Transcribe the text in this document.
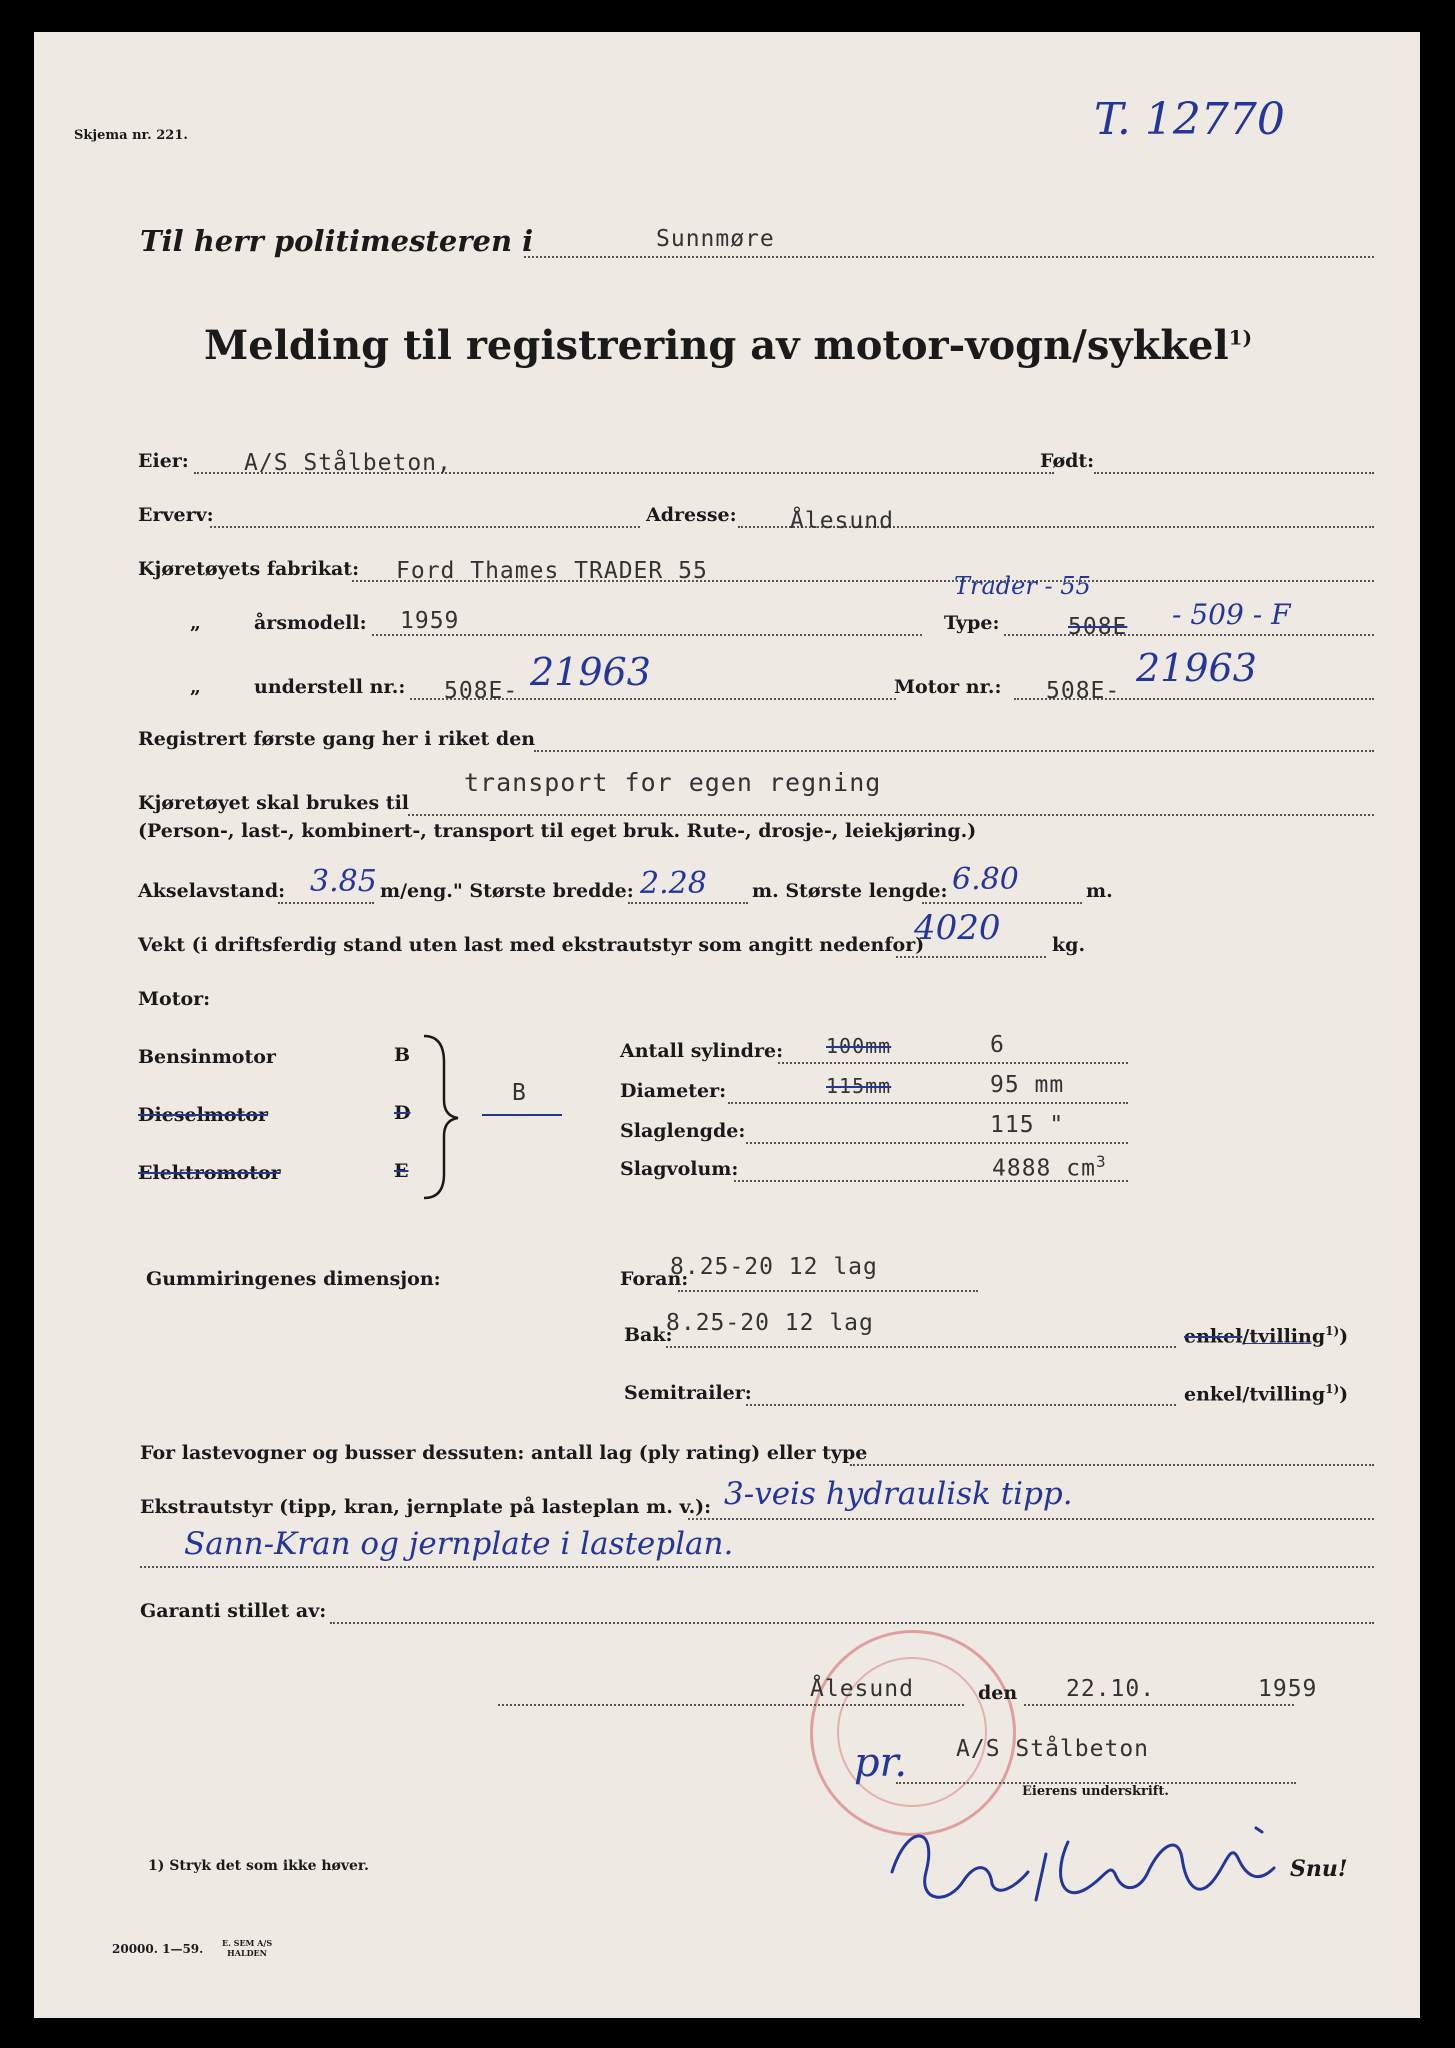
Skjema nr. 221.	T. 12770
Til herr politimesteren i	Sunnmøre
Melding til registrering av motor-vogn/sykkel$^{1)}$
Eier: A/S Stålbeton,	Født:
Erverv:	Adresse: Ålesund
Kjøretøyets fabrikat: Ford Thames TRADER 55
„	årsmodell: 1959	Type:
Trader - 55
508E - 509 - F
„	understell nr.: 508E- 21963	Motor nr.: 508E-
21963
Registrert første gang her i riket den
Kjøretøyet skal brukes til
transport for egen regning
(Person-, last-, kombinert-, transport til eget bruk. Rute-, drosje-, leiekjøring.)
Akselavstand: 3.85 m/eng." Største bredde: 2.28 m. Største lengde: 6.80	m.
Vekt (i driftsferdig stand uten last med ekstrautstyr som angitt nedenfor)
4020	kg.
Motor:
Bensinmotor	B
Dieselmotor	D
Elektromotor	E
B
Antall sylindre: 100mm	6
Diameter:	115mm	95 mm
Slaglengde:	115 "
Slagvolum:	4888 $cm^3$
Gummiringenes dimensjon:	Foran:
8.25-20 12 lag
Bak:
8.25-20 12 lag
enkel/tvilling$^{1)}$)
Semitrailer:	enkel/tvilling$^{1)}$)
For lastevogner og busser dessuten: antall lag (ply rating) eller type
Ekstrautstyr (tipp, kran, jernplate på lasteplan m. v.): 3-veis hydraulisk tipp.
Sann-Kran og jernplate i lasteplan.
Garanti stillet av:
Ålesund	den 22.10.	1959
pr. A/S Stålbeton
Eierens underskrift.
Snu!
1) Stryk det som ikke høver.
20000. 1—59. E. SEM A/S
HALDEN
